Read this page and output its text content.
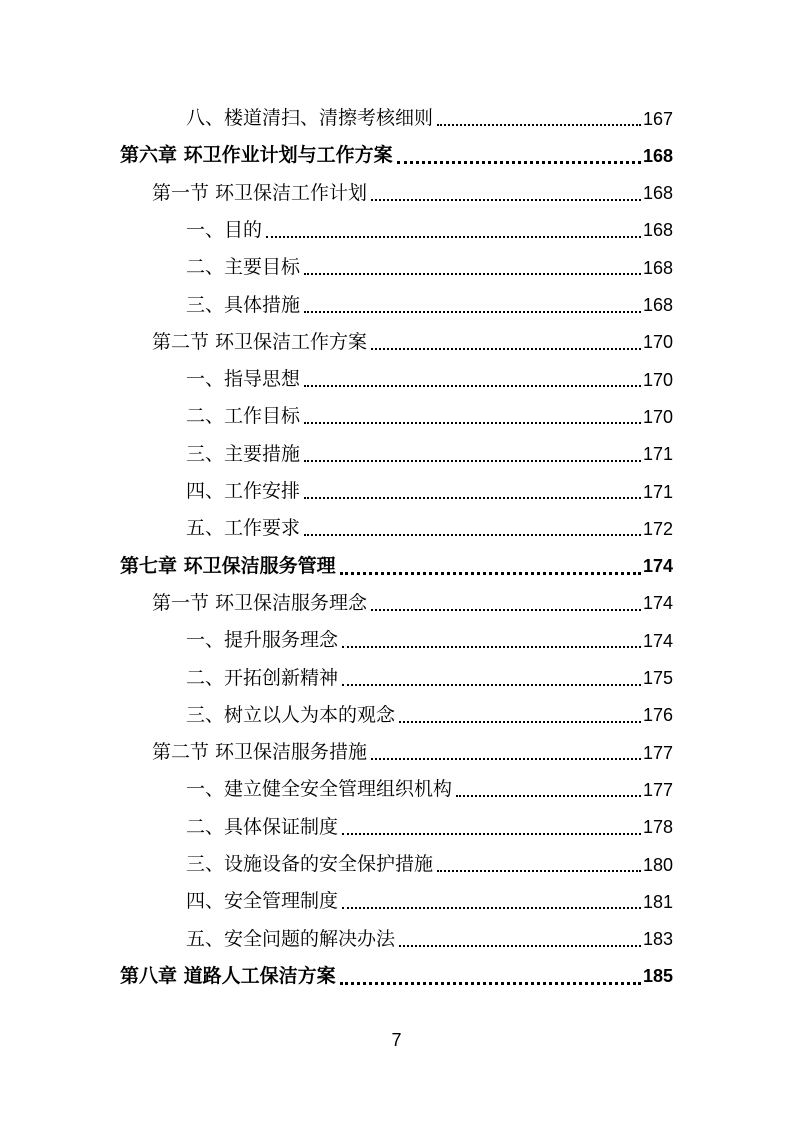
八、楼道清扫、清擦考核细则	167
第六章 环卫作业计划与工作方案	168
第一节 环卫保洁工作计划	168
一、目的	168
二、主要目标	168
三、具体措施	168
第二节 环卫保洁工作方案	170
一、指导思想	170
二、工作目标	170
三、主要措施	171
四、工作安排	171
五、工作要求	172
第七章 环卫保洁服务管理	174
第一节 环卫保洁服务理念	174
一、提升服务理念	174
二、开拓创新精神	175
三、树立以人为本的观念	176
第二节 环卫保洁服务措施	177
一、建立健全安全管理组织机构	177
二、具体保证制度	178
三、设施设备的安全保护措施	180
四、安全管理制度	181
五、安全问题的解决办法	183
第八章 道路人工保洁方案	185
7
